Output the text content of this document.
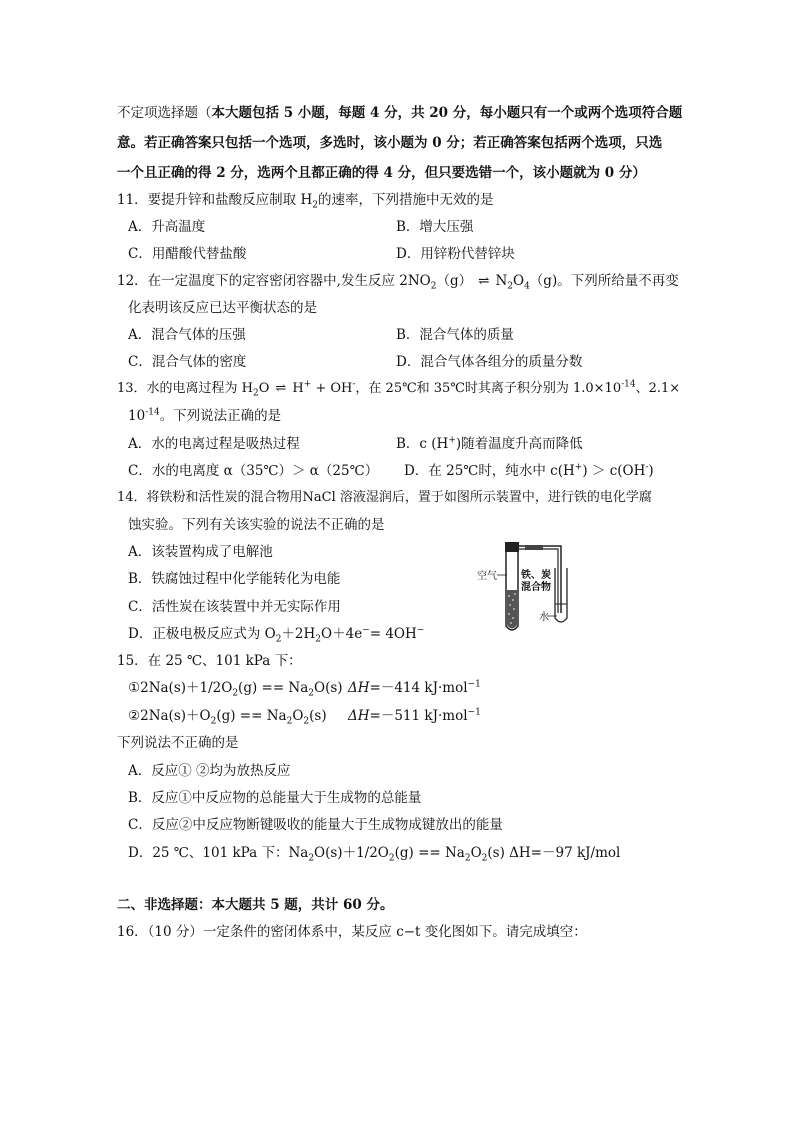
不定项选择题（本大题包括 5 小题，每题 4 分，共 20 分，每小题只有一个或两个选项符合题
意。若正确答案只包括一个选项，多选时，该小题为 0 分；若正确答案包括两个选项，只选
一个且正确的得 2 分，选两个且都正确的得 4 分，但只要选错一个，该小题就为 0 分）
11．要提升锌和盐酸反应制取 $H_2$的速率，下列措施中无效的是
A．升高温度	B．增大压强
C．用醋酸代替盐酸	D．用锌粉代替锌块
12．在一定温度下的定容密闭容器中,发生反应 $2NO_2(g)$ ⇌ $N_2O_4(g)$。下列所给量不再变
化表明该反应已达平衡状态的是
A．混合气体的压强	B．混合气体的质量
C．混合气体的密度	D．混合气体各组分的质量分数
13．水的电离过程为 $H_2O$ ⇌ H+ + OH-，在 25℃和 35℃时其离子积分别为 $1.0\times 10^{-14}$、2.1×
$10^{-14}$。下列说法正确的是
A．水的电离过程是吸热过程	B．c (H+)随着温度升高而降低
C．水的电离度 α（35℃）＞ α（25℃） D．在 25℃时，纯水中 c(H+) ＞ c(OH-)
14．将铁粉和活性炭的混合物用NaCl 溶液湿润后，置于如图所示装置中，进行铁的电化学腐
蚀实验。下列有关该实验的说法不正确的是
A．该装置构成了电解池
B．铁腐蚀过程中化学能转化为电能
C．活性炭在该装置中并无实际作用
D．正极电极反应式为 $O_2+2H_2O+4e^-= 4OH^-$
空气 铁、炭
混合物
水
15．在 25 ℃、101 kPa 下：
$①2Na(s)+1/2O_2(g) == Na_2O(s)$ ΔH=－414 kJ·mol$^{-1}$
$②2Na(s)+O_2(g) == Na_2O_2(s)$ ΔH=－511 kJ·mol$^{-1}$
下列说法不正确的是
A．反应① ②均为放热反应
B．反应①中反应物的总能量大于生成物的总能量
C．反应②中反应物断键吸收的能量大于生成物成键放出的能量
D．25 ℃、101 kPa 下：$Na_2O(s)+1/2O_2(g) == Na_2O_2(s)$ ΔH=－97 kJ/mol
二、非选择题：本大题共 5 题，共计 60 分。
16．（10 分）一定条件的密闭体系中，某反应 c−t 变化图如下。请完成填空：
